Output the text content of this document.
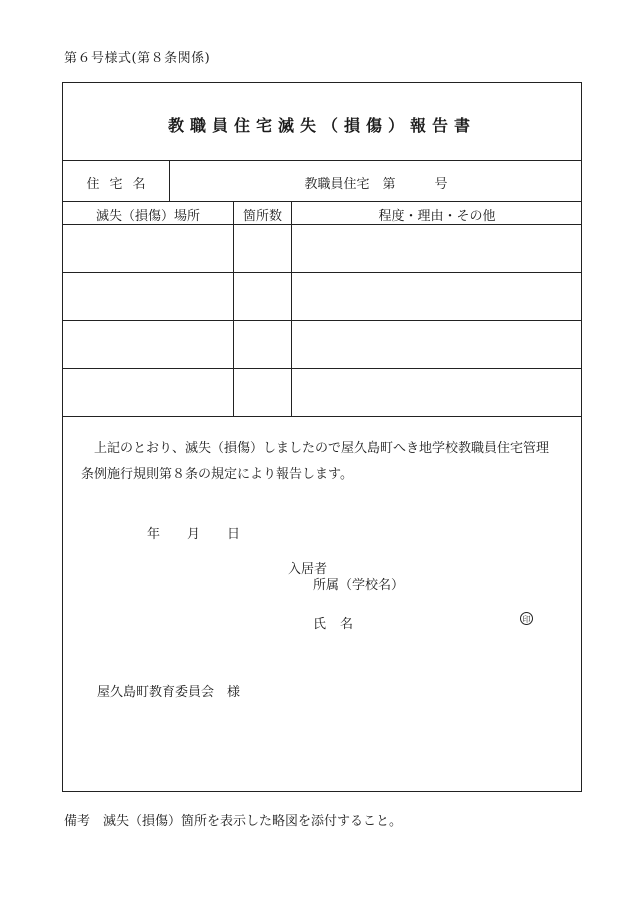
第６号様式(第８条関係)
教職員住宅滅失（損傷）報告書
住宅名	教職員住宅　第　　　号
滅失（損傷）場所	箇所数	程度・理由・その他

上記のとおり、滅失（損傷）しましたので屋久島町へき地学校教職員住宅管理

条例施行規則第８条の規定により報告します。

年 月 日
入居者
所属（学校名）
氏名	印
屋久島町教育委員会　様
備考　滅失（損傷）箇所を表示した略図を添付すること。
